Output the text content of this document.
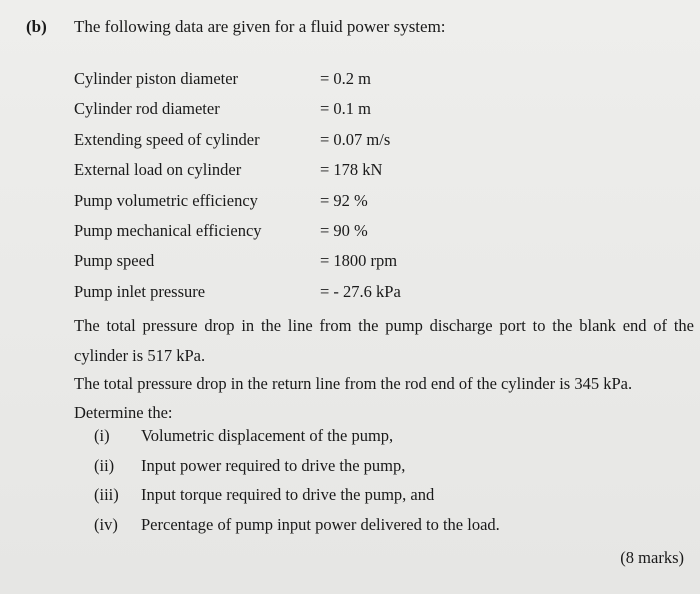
(b) The following data are given for a fluid power system:
Cylinder piston diameter	= 0.2 m
Cylinder rod diameter	= 0.1 m
Extending speed of cylinder	= 0.07 m/s
External load on cylinder	= 178 kN
Pump volumetric efficiency	= 92 %
Pump mechanical efficiency	= 90 %
Pump speed	= 1800 rpm
Pump inlet pressure	= - 27.6 kPa
The total pressure drop in the line from the pump discharge port to the blank end of the cylinder is 517 kPa.
The total pressure drop in the return line from the rod end of the cylinder is 345 kPa.
Determine the:
(i) Volumetric displacement of the pump,
(ii) Input power required to drive the pump,
(iii) Input torque required to drive the pump, and
(iv) Percentage of pump input power delivered to the load.
(8 marks)
